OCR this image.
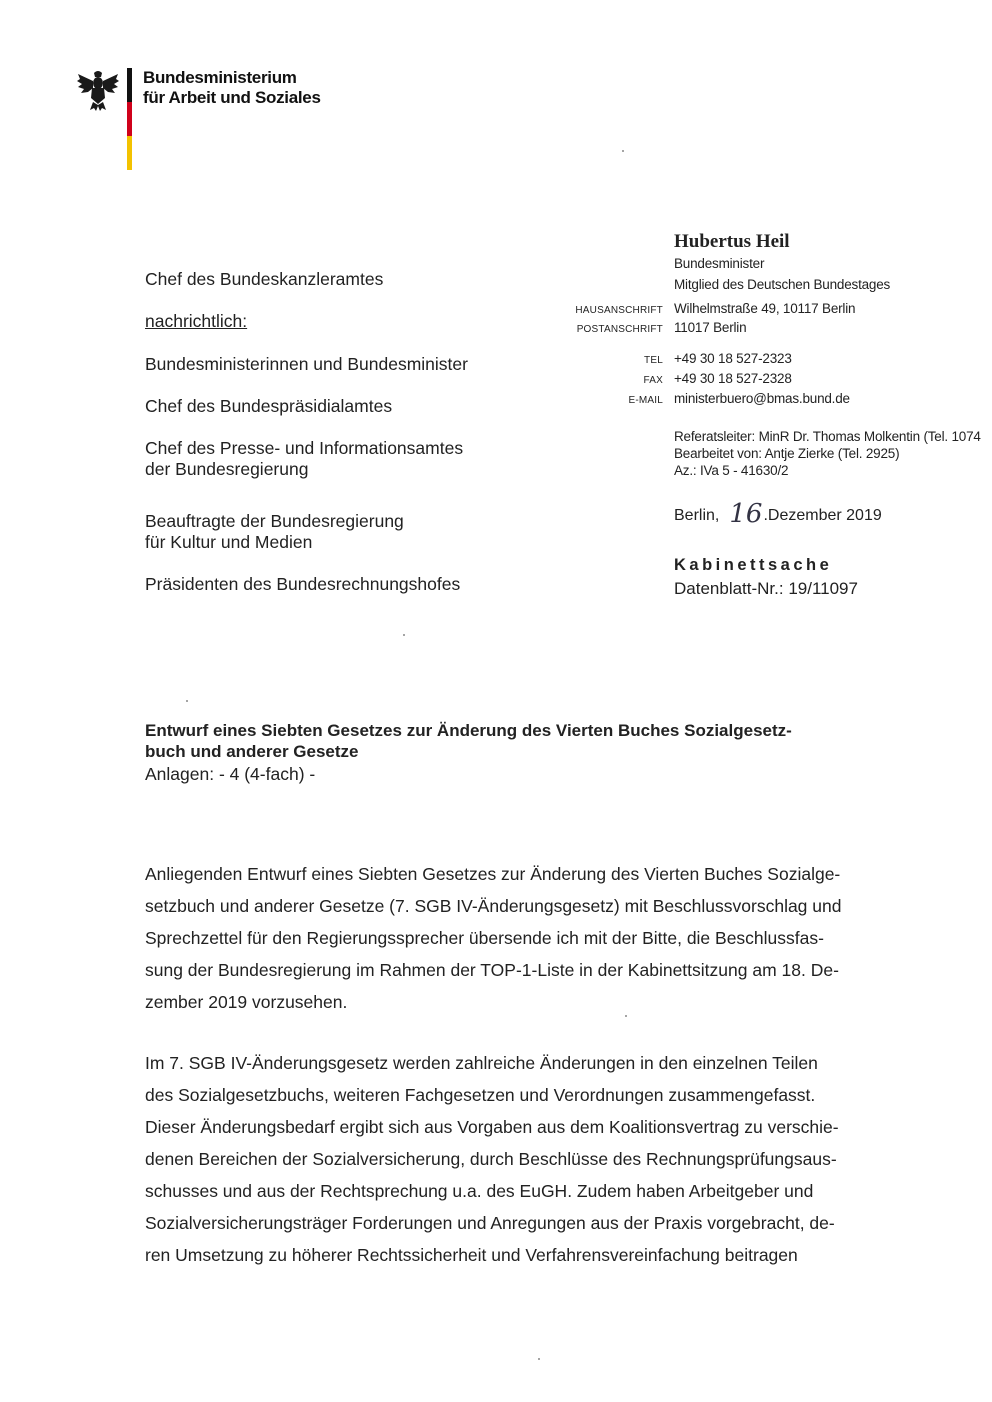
Bundesministerium
für Arbeit und Soziales
Chef des Bundeskanzleramtes
nachrichtlich:
Bundesministerinnen und Bundesminister
Chef des Bundespräsidialamtes
Chef des Presse- und Informationsamtes
der Bundesregierung
Beauftragte der Bundesregierung
für Kultur und Medien
Präsidenten des Bundesrechnungshofes
Hubertus Heil
Bundesminister
Mitglied des Deutschen Bundestages
HAUSANSCHRIFT Wilhelmstraße 49, 10117 Berlin
POSTANSCHRIFT 11017 Berlin
TEL +49 30 18 527-2323
FAX +49 30 18 527-2328
E-MAIL ministerbuero@bmas.bund.de
Referatsleiter: MinR Dr. Thomas Molkentin (Tel. 1074
Bearbeitet von: Antje Zierke (Tel. 2925)
Az.: IVa 5 - 41630/2
Berlin, 16.Dezember 2019
Kabinettsache
Datenblatt-Nr.: 19/11097
Entwurf eines Siebten Gesetzes zur Änderung des Vierten Buches Sozialgesetz-
buch und anderer Gesetze
Anlagen: - 4 (4-fach) -
Anliegenden Entwurf eines Siebten Gesetzes zur Änderung des Vierten Buches Sozialge-
setzbuch und anderer Gesetze (7. SGB IV-Änderungsgesetz) mit Beschlussvorschlag und
Sprechzettel für den Regierungssprecher übersende ich mit der Bitte, die Beschlussfas-
sung der Bundesregierung im Rahmen der TOP-1-Liste in der Kabinettsitzung am 18. De-
zember 2019 vorzusehen.
Im 7. SGB IV-Änderungsgesetz werden zahlreiche Änderungen in den einzelnen Teilen
des Sozialgesetzbuchs, weiteren Fachgesetzen und Verordnungen zusammengefasst.
Dieser Änderungsbedarf ergibt sich aus Vorgaben aus dem Koalitionsvertrag zu verschie-
denen Bereichen der Sozialversicherung, durch Beschlüsse des Rechnungsprüfungsaus-
schusses und aus der Rechtsprechung u.a. des EuGH. Zudem haben Arbeitgeber und
Sozialversicherungsträger Forderungen und Anregungen aus der Praxis vorgebracht, de-
ren Umsetzung zu höherer Rechtssicherheit und Verfahrensvereinfachung beitragen
